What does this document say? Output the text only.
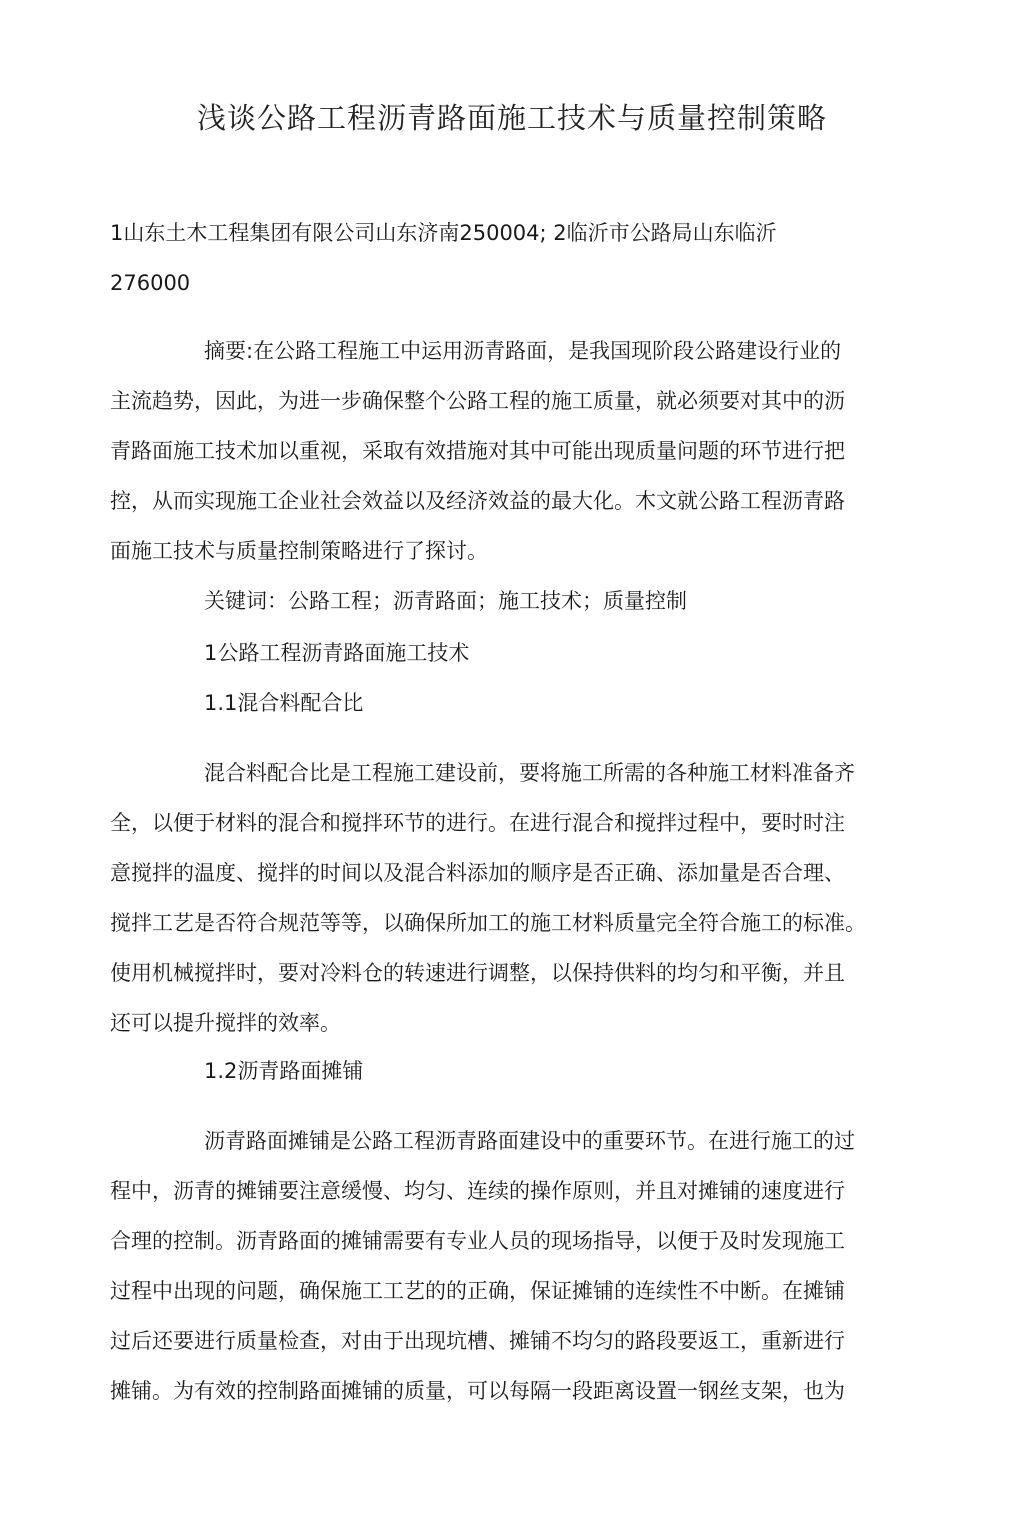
浅谈公路工程沥青路面施工技术与质量控制策略
1山东土木工程集团有限公司山东济南250004; 2临沂市公路局山东临沂
276000
摘要:在公路工程施工中运用沥青路面，是我国现阶段公路建设行业的
主流趋势，因此，为进一步确保整个公路工程的施工质量，就必须要对其中的沥
青路面施工技术加以重视，采取有效措施对其中可能出现质量问题的环节进行把
控，从而实现施工企业社会效益以及经济效益的最大化。木文就公路工程沥青路
面施工技术与质量控制策略进行了探讨。
关键词：公路工程；沥青路面；施工技术；质量控制
1公路工程沥青路面施工技术
1.1混合料配合比
混合料配合比是工程施工建设前，要将施工所需的各种施工材料准备齐
全，以便于材料的混合和搅拌环节的进行。在进行混合和搅拌过程中，要时时注
意搅拌的温度、搅拌的时间以及混合料添加的顺序是否正确、添加量是否合理、
搅拌工艺是否符合规范等等，以确保所加工的施工材料质量完全符合施工的标准。
使用机械搅拌时，要对冷料仓的转速进行调整，以保持供料的均匀和平衡，并且
还可以提升搅拌的效率。
1.2沥青路面摊铺
沥青路面摊铺是公路工程沥青路面建设中的重要环节。在进行施工的过
程中，沥青的摊铺要注意缓慢、均匀、连续的操作原则，并且对摊铺的速度进行
合理的控制。沥青路面的摊铺需要有专业人员的现场指导，以便于及时发现施工
过程中出现的问题，确保施工工艺的的正确，保证摊铺的连续性不中断。在摊铺
过后还要进行质量检查，对由于出现坑槽、摊铺不均匀的路段要返工，重新进行
摊铺。为有效的控制路面摊铺的质量，可以每隔一段距离设置一钢丝支架，也为
